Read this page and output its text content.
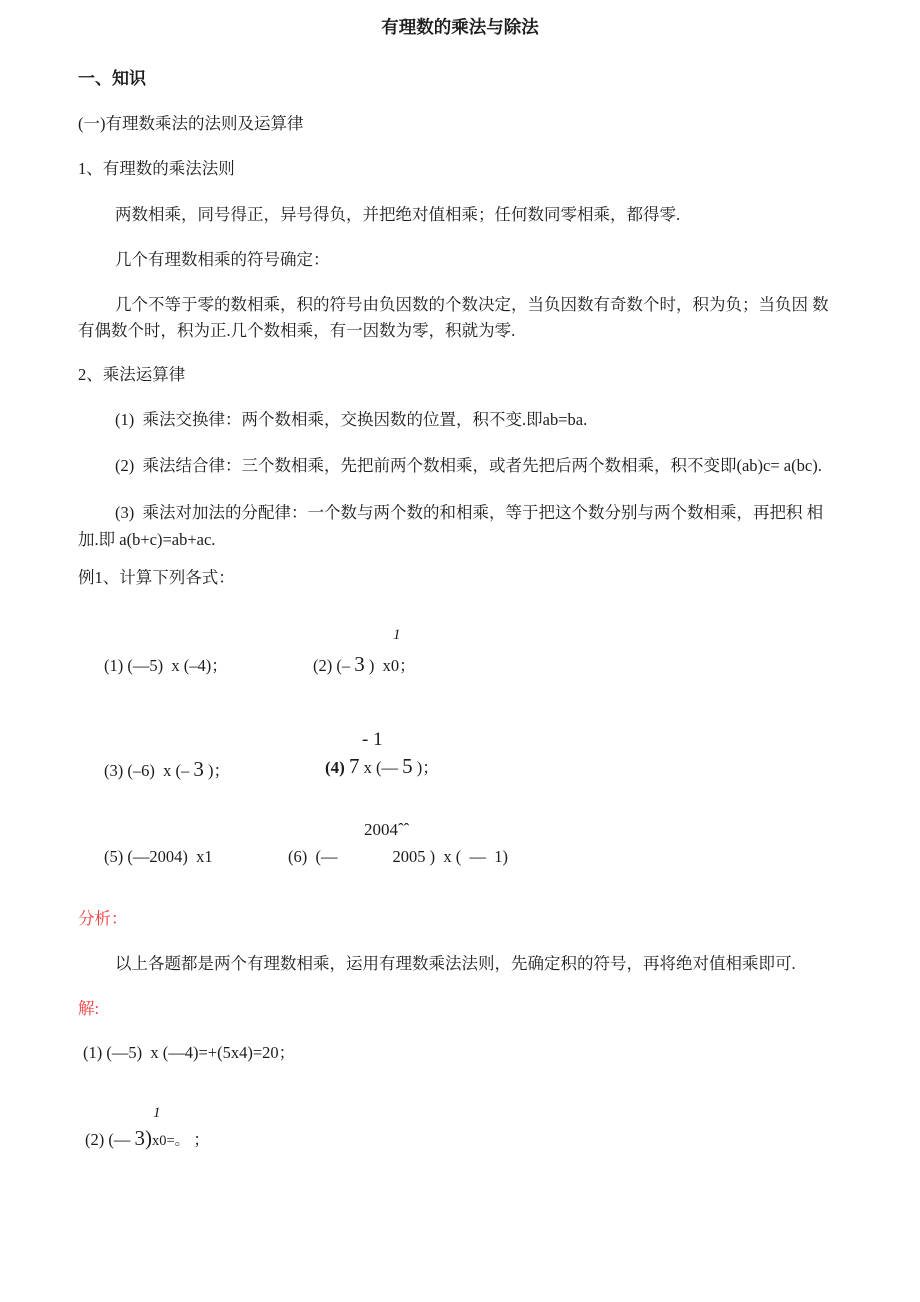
有理数的乘法与除法
一、知识
(一)有理数乘法的法则及运算律
1、有理数的乘法法则
两数相乘，同号得正，异号得负，并把绝对值相乘；任何数同零相乘，都得零.
几个有理数相乘的符号确定：
几个不等于零的数相乘，积的符号由负因数的个数决定，当负因数有奇数个时，积为负；当负因 数
有偶数个时，积为正.几个数相乘，有一因数为零，积就为零.
2、乘法运算律
(1)  乘法交换律：两个数相乘，交换因数的位置，积不变.即ab=ba.
(2)  乘法结合律：三个数相乘，先把前两个数相乘，或者先把后两个数相乘，积不变即(ab)c= a(bc).
(3)  乘法对加法的分配律：一个数与两个数的和相乘，等于把这个数分别与两个数相乘，再把积 相
加.即 a(b+c)=ab+ac.
例1、计算下列各式：
1
(1) (—5)  x (–4)；	(2) (– 3 )  x0；
- 1
(3) (–6)  x (– 3 )；	(4) 7 x (— 5 )；
2004ˆˆ
(5) (—2004)  x1	(6)  (—	2005 )  x (  —  1)
分析：
以上各题都是两个有理数相乘，运用有理数乘法法则，先确定积的符号，再将绝对值相乘即可.
解:
(1) (—5)  x (—4)=+(5x4)=20；
1
(2) (— 3)x0=。 ；
